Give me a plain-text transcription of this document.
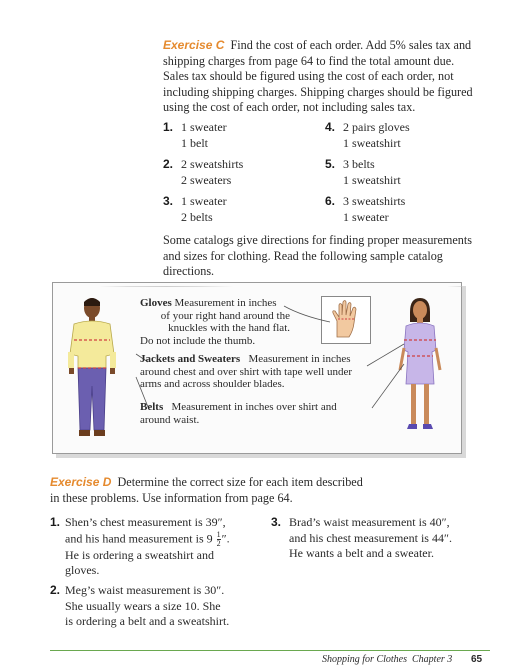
Exercise C Find the cost of each order. Add 5% sales tax and
shipping charges from page 64 to find the total amount due.
Sales tax should be figured using the cost of each order, not
including shipping charges. Shipping charges should be figured
using the cost of each order, not including sales tax.
1. 1 sweater
1 belt
2. 2 sweatshirts
2 sweaters
3. 1 sweater
2 belts
4. 2 pairs gloves
1 sweatshirt
5. 3 belts
1 sweatshirt
6. 3 sweatshirts
1 sweater
Some catalogs give directions for finding proper measurements
and sizes for clothing. Read the following sample catalog
directions.
Gloves Measurement in inches
of your right hand around the
knuckles with the hand flat.
Do not include the thumb.
Jackets and Sweaters Measurement in inches
around chest and over shirt with tape well under
arms and across shoulder blades.
Belts Measurement in inches over shirt and
around waist.
Exercise D Determine the correct size for each item described
in these problems. Use information from page 64.
1. Shen’s chest measurement is 39″,
and his hand measurement is $9 \frac{1}{2}$ ″.
He is ordering a sweatshirt and
gloves.
2. Meg’s waist measurement is 30″.
She usually wears a size 10. She
is ordering a belt and a sweatshirt.
3. Brad’s waist measurement is 40″,
and his chest measurement is 44″.
He wants a belt and a sweater.
Shopping for Clothes  Chapter 3 65
